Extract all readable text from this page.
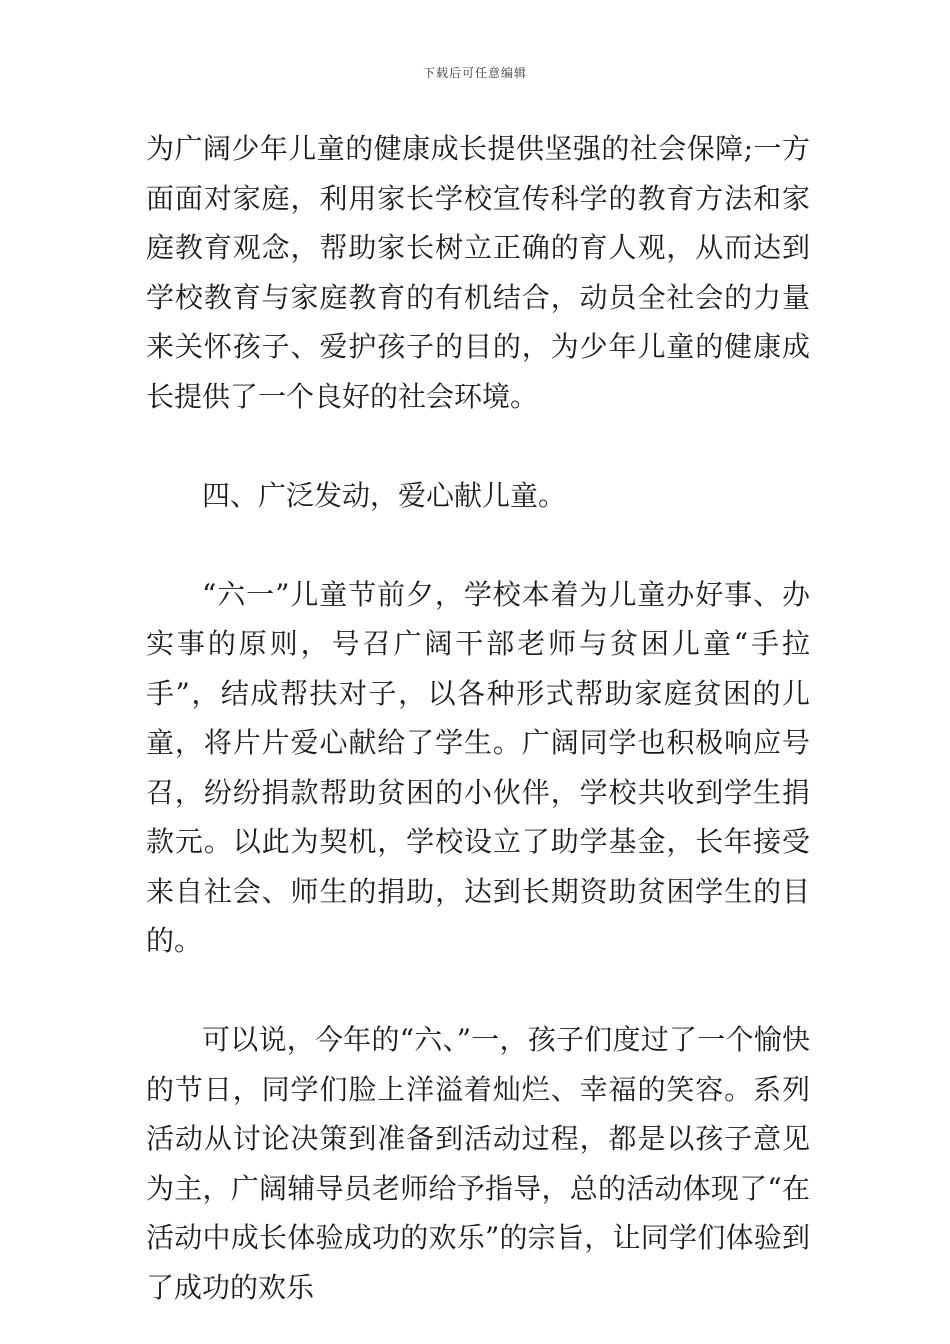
下载后可任意编辑

为广阔少年儿童的健康成长提供坚强的社会保障;一方面面对家庭，利用家长学校宣传科学的教育方法和家庭教育观念，帮助家长树立正确的育人观，从而达到学校教育与家庭教育的有机结合，动员全社会的力量来关怀孩子、爱护孩子的目的，为少年儿童的健康成长提供了一个良好的社会环境。

四、广泛发动，爱心献儿童。

“六一”儿童节前夕，学校本着为儿童办好事、办实事的原则，号召广阔干部老师与贫困儿童“手拉手”，结成帮扶对子，以各种形式帮助家庭贫困的儿童，将片片爱心献给了学生。广阔同学也积极响应号召，纷纷捐款帮助贫困的小伙伴，学校共收到学生捐款元。以此为契机，学校设立了助学基金，长年接受来自社会、师生的捐助，达到长期资助贫困学生的目的。

可以说，今年的“六、”一，孩子们度过了一个愉快的节日，同学们脸上洋溢着灿烂、幸福的笑容。系列活动从讨论决策到准备到活动过程，都是以孩子意见为主，广阔辅导员老师给予指导，总的活动体现了“在活动中成长体验成功的欢乐”的宗旨，让同学们体验到了成功的欢乐
